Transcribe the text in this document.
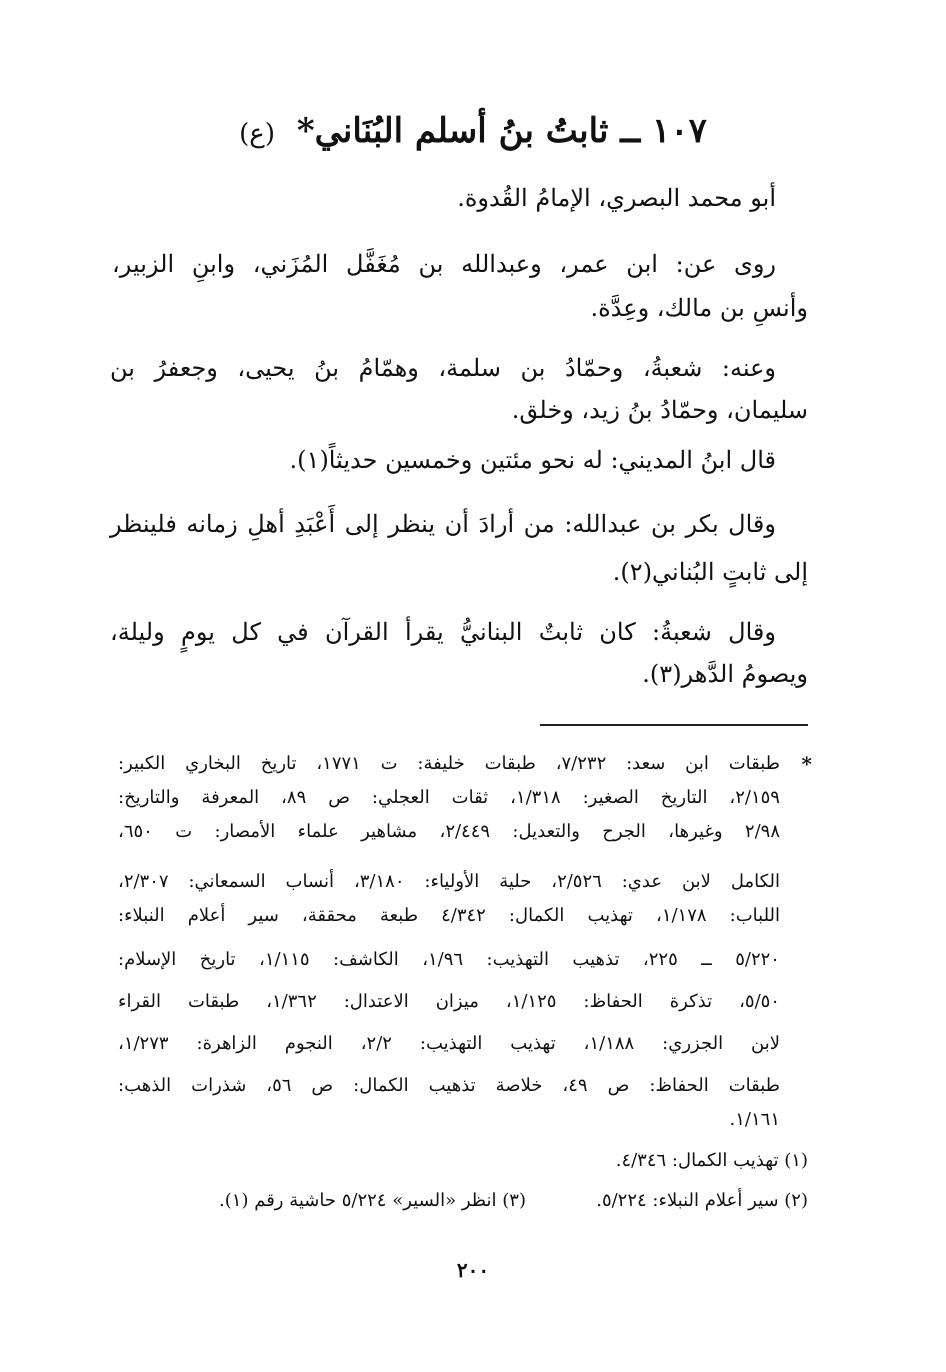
١٠٧ ــ ثابتُ بنُ أسلم البُنَاني* (ع)
أبو محمد البصري، الإمامُ القُدوة.
روى عن: ابن عمر، وعبدالله بن مُغَفَّل المُزَني، وابنِ الزبير،
وأنسِ بن مالك، وعِدَّة.
وعنه: شعبةُ، وحمّادُ بن سلمة، وهمّامُ بنُ يحيى، وجعفرُ بن
سليمان، وحمّادُ بنُ زيد، وخلق.
قال ابنُ المديني: له نحو مئتين وخمسين حديثاً(١).
وقال بكر بن عبدالله: من أرادَ أن ينظر إلى أَعْبَدِ أهلِ زمانه فلينظر
إلى ثابتٍ البُناني(٢).
وقال شعبةُ: كان ثابتٌ البنانيُّ يقرأ القرآن في كل يومٍ وليلة،
ويصومُ الدَّهر(٣).
*
طبقات ابن سعد: ٧/٢٣٢، طبقات خليفة: ت ١٧٧١، تاريخ البخاري الكبير:
٢/١٥٩، التاريخ الصغير: ١/٣١٨، ثقات العجلي: ص ٨٩، المعرفة والتاريخ:
٢/٩٨ وغيرها، الجرح والتعديل: ٢/٤٤٩، مشاهير علماء الأمصار: ت ٦٥٠،
الكامل لابن عدي: ٢/٥٢٦، حلية الأولياء: ٣/١٨٠، أنساب السمعاني: ٢/٣٠٧،
اللباب: ١/١٧٨، تهذيب الكمال: ٤/٣٤٢ طبعة محققة، سير أعلام النبلاء:
٥/٢٢٠ ــ ٢٢٥، تذهيب التهذيب: ١/٩٦، الكاشف: ١/١١٥، تاريخ الإسلام:
٥/٥٠، تذكرة الحفاظ: ١/١٢٥، ميزان الاعتدال: ١/٣٦٢، طبقات القراء
لابن الجزري: ١/١٨٨، تهذيب التهذيب: ٢/٢، النجوم الزاهرة: ١/٢٧٣،
طبقات الحفاظ: ص ٤٩، خلاصة تذهيب الكمال: ص ٥٦، شذرات الذهب:
١/١٦١.
(١) تهذيب الكمال: ٤/٣٤٦.
(٢) سير أعلام النبلاء: ٥/٢٢٤.
(٣) انظر «السير» ٥/٢٢٤ حاشية رقم (١).
٢٠٠
